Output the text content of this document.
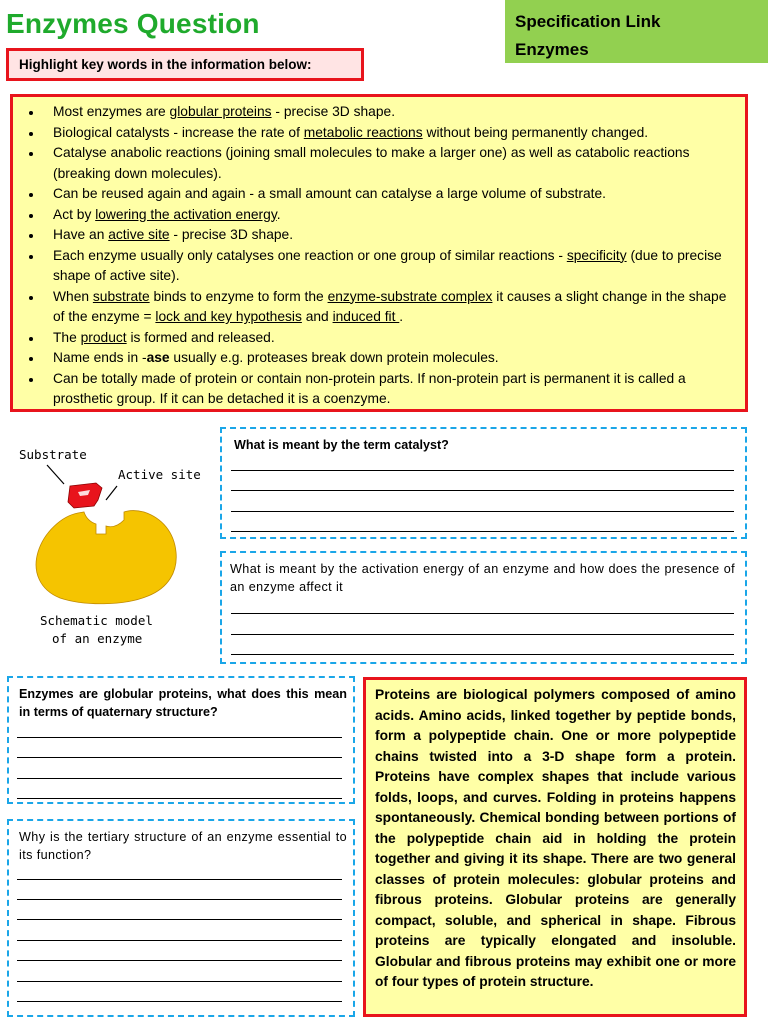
Enzymes Question	Specification Link
Enzymes
Highlight key words in the information below:
• Most enzymes are globular proteins - precise 3D shape.
• Biological catalysts - increase the rate of metabolic reactions without being permanently changed.
• Catalyse anabolic reactions (joining small molecules to make a larger one) as well as catabolic reactions (breaking down molecules).
• Can be reused again and again - a small amount can catalyse a large volume of substrate.
• Act by lowering the activation energy.
• Have an active site - precise 3D shape.
• Each enzyme usually only catalyses one reaction or one group of similar reactions - specificity (due to precise shape of active site).
• When substrate binds to enzyme to form the enzyme-substrate complex it causes a slight change in the shape of the enzyme = lock and key hypothesis and induced fit .
• The product is formed and released.
• Name ends in -ase usually e.g. proteases break down protein molecules.
• Can be totally made of protein or contain non-protein parts. If non-protein part is permanent it is called a prosthetic group. If it can be detached it is a coenzyme.
Substrate
Active site
Schematic model
of an enzyme
What is meant by the term catalyst?
What is meant by the activation energy of an enzyme and how does the presence of an enzyme affect it
Enzymes are globular proteins, what does this mean in terms of quaternary structure?
Why is the tertiary structure of an enzyme essential to its function?
Proteins are biological polymers composed of amino acids. Amino acids, linked together by peptide bonds, form a polypeptide chain. One or more polypeptide chains twisted into a 3-D shape form a protein. Proteins have complex shapes that include various folds, loops, and curves. Folding in proteins happens spontaneously. Chemical bonding between portions of the polypeptide chain aid in holding the protein together and giving it its shape. There are two general classes of protein molecules: globular proteins and fibrous proteins. Globular proteins are generally compact, soluble, and spherical in shape. Fibrous proteins are typically elongated and insoluble. Globular and fibrous proteins may exhibit one or more of four types of protein structure.
